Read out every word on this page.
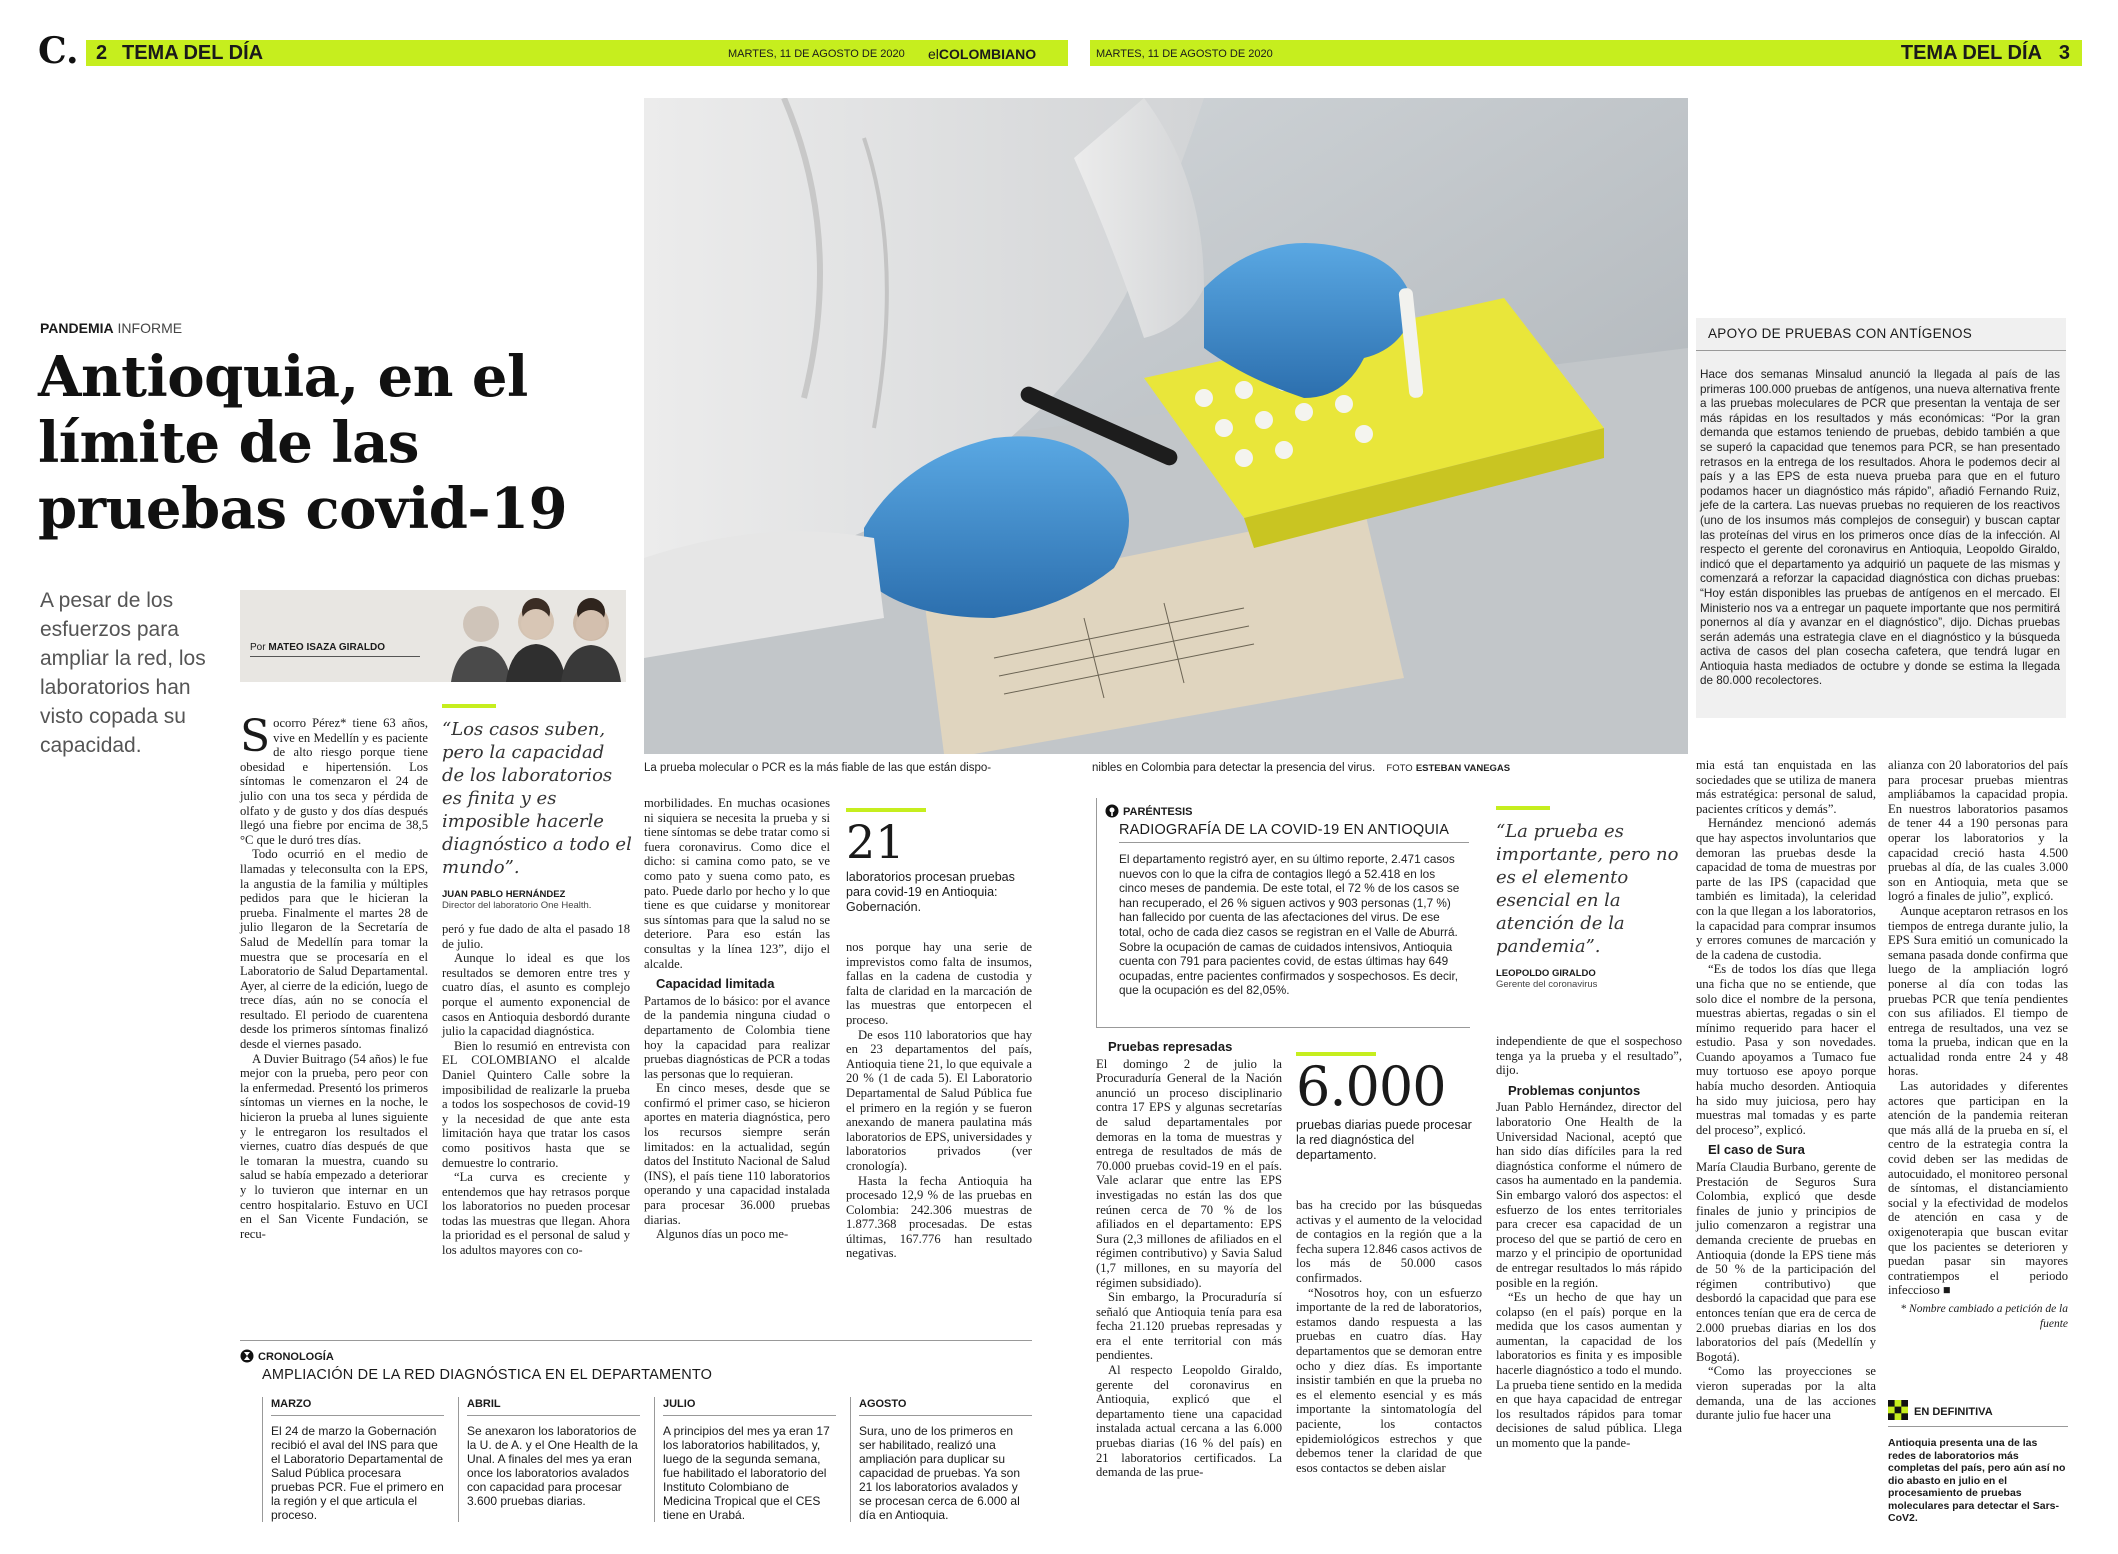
C. 2 TEMA DEL DÍA	MARTES, 11 DE AGOSTO DE 2020 elCOLOMBIANO	MARTES, 11 DE AGOSTO DE 2020	TEMA DEL DÍA 3
PANDEMIA INFORME
Antioquia, en el límite de las pruebas covid-19

A pesar de los esfuerzos para ampliar la red, los laboratorios han visto copada su capacidad.

Por MATEO ISAZA GIRALDO

La prueba molecular o PCR es la más fiable de las que están dispo-	nibles en Colombia para detectar la presencia del virus. FOTO ESTEBAN VANEGAS

Socorro Pérez* tiene 63 años, vive en Medellín y es paciente de alto riesgo porque tiene obesidad e hipertensión. Los síntomas le comenzaron el 24 de julio con una tos seca y pérdida de olfato y de gusto y dos días después llegó una fiebre por encima de 38,5 °C que le duró tres días.

Todo ocurrió en el medio de llamadas y teleconsulta con la EPS, la angustia de la familia y múltiples pedidos para que le hicieran la prueba. Finalmente el martes 28 de julio llegaron de la Secretaría de Salud de Medellín para tomar la muestra que se procesaría en el Laboratorio de Salud Departamental. Ayer, al cierre de la edición, luego de trece días, aún no se conocía el resultado. El periodo de cuarentena desde los primeros síntomas finalizó desde el viernes pasado.

A Duvier Buitrago (54 años) le fue mejor con la prueba, pero peor con la enfermedad. Presentó los primeros síntomas un viernes en la noche, le hicieron la prueba al lunes siguiente y le entregaron los resultados el viernes, cuatro días después de que le tomaran la muestra, cuando su salud se había empezado a deteriorar y lo tuvieron que internar en un centro hospitalario. Estuvo en UCI en el San Vicente Fundación, se recu-

“Los casos suben, pero la capacidad de los laboratorios es finita y es imposible hacerle diagnóstico a todo el mundo”.

JUAN PABLO HERNÁNDEZ

Director del laboratorio One Health.

peró y fue dado de alta el pasado 18 de julio.

Aunque lo ideal es que los resultados se demoren entre tres y cuatro días, el asunto es complejo porque el aumento exponencial de casos en Antioquia desbordó durante julio la capacidad diagnóstica.

Bien lo resumió en entrevista con EL COLOMBIANO el alcalde Daniel Quintero Calle sobre la imposibilidad de realizarle la prueba a todos los sospechosos de covid-19 y la necesidad de que ante esta limitación haya que tratar los casos como positivos hasta que se demuestre lo contrario.

“La curva es creciente y entendemos que hay retrasos porque los laboratorios no pueden procesar todas las muestras que llegan. Ahora la prioridad es el personal de salud y los adultos mayores con co-

morbilidades. En muchas ocasiones ni siquiera se necesita la prueba y si tiene síntomas se debe tratar como si fuera coronavirus. Como dice el dicho: si camina como pato, se ve como pato y suena como pato, es pato. Puede darlo por hecho y lo que tiene es que cuidarse y monitorear sus síntomas para que la salud no se deteriore. Para eso están las consultas y la línea 123”, dijo el alcalde.

Capacidad limitada

Partamos de lo básico: por el avance de la pandemia ninguna ciudad o departamento de Colombia tiene hoy la capacidad para realizar pruebas diagnósticas de PCR a todas las personas que lo requieran.

En cinco meses, desde que se confirmó el primer caso, se hicieron aportes en materia diagnóstica, pero los recursos siempre serán limitados: en la actualidad, según datos del Instituto Nacional de Salud (INS), el país tiene 110 laboratorios operando y una capacidad instalada para procesar 36.000 pruebas diarias.

Algunos días un poco me-

21

laboratorios procesan pruebas para covid-19 en Antioquia: Gobernación.

nos porque hay una serie de imprevistos como falta de insumos, fallas en la cadena de custodia y falta de claridad en la marcación de las muestras que entorpecen el proceso.

De esos 110 laboratorios que hay en 23 departamentos del país, Antioquia tiene 21, lo que equivale a 20 % (1 de cada 5). El Laboratorio Departamental de Salud Pública fue el primero en la región y se fueron anexando de manera paulatina más laboratorios de EPS, universidades y laboratorios privados (ver cronología).

Hasta la fecha Antioquia ha procesado 12,9 % de las pruebas en Colombia: 242.306 muestras de 1.877.368 procesadas. De estas últimas, 167.776 han resultado negativas.

CRONOLOGÍA
AMPLIACIÓN DE LA RED DIAGNÓSTICA EN EL DEPARTAMENTO

MARZO

El 24 de marzo la Gobernación recibió el aval del INS para que el Laboratorio Departamental de Salud Pública procesara pruebas PCR. Fue el primero en la región y el que articula el proceso.

ABRIL

Se anexaron los laboratorios de la U. de A. y el One Health de la Unal. A finales del mes ya eran once los laboratorios avalados con capacidad para procesar 3.600 pruebas diarias.

JULIO

A principios del mes ya eran 17 los laboratorios habilitados, y, luego de la segunda semana, fue habilitado el laboratorio del Instituto Colombiano de Medicina Tropical que el CES tiene en Urabá.

AGOSTO

Sura, uno de los primeros en ser habilitado, realizó una ampliación para duplicar su capacidad de pruebas. Ya son 21 los laboratorios avalados y se procesan cerca de 6.000 al día en Antioquia.

APOYO DE PRUEBAS CON ANTÍGENOS

Hace dos semanas Minsalud anunció la llegada al país de las primeras 100.000 pruebas de antígenos, una nueva alternativa frente a las pruebas moleculares de PCR que presentan la ventaja de ser más rápidas en los resultados y más económicas: “Por la gran demanda que estamos teniendo de pruebas, debido también a que se superó la capacidad que tenemos para PCR, se han presentado retrasos en la entrega de los resultados. Ahora le podemos decir al país y a las EPS de esta nueva prueba para que en el futuro podamos hacer un diagnóstico más rápido”, añadió Fernando Ruiz, jefe de la cartera. Las nuevas pruebas no requieren de los reactivos (uno de los insumos más complejos de conseguir) y buscan captar las proteínas del virus en los primeros once días de la infección. Al respecto el gerente del coronavirus en Antioquia, Leopoldo Giraldo, indicó que el departamento ya adquirió un paquete de las mismas y comenzará a reforzar la capacidad diagnóstica con dichas pruebas: “Hoy están disponibles las pruebas de antígenos en el mercado. El Ministerio nos va a entregar un paquete importante que nos permitirá ponernos al día y avanzar en el diagnóstico”, dijo. Dichas pruebas serán además una estrategia clave en el diagnóstico y la búsqueda activa de casos del plan cosecha cafetera, que tendrá lugar en Antioquia hasta mediados de octubre y donde se estima la llegada de 80.000 recolectores.

PARÉNTESIS
RADIOGRAFÍA DE LA COVID-19 EN ANTIOQUIA

El departamento registró ayer, en su último reporte, 2.471 casos nuevos con lo que la cifra de contagios llegó a 52.418 en los cinco meses de pandemia. De este total, el 72 % de los casos se han recuperado, el 26 % siguen activos y 903 personas (1,7 %) han fallecido por cuenta de las afectaciones del virus. De ese total, ocho de cada diez casos se registran en el Valle de Aburrá. Sobre la ocupación de camas de cuidados intensivos, Antioquia cuenta con 791 para pacientes covid, de estas últimas hay 649 ocupadas, entre pacientes confirmados y sospechosos. Es decir, que la ocupación es del 82,05%.

“La prueba es importante, pero no es el elemento esencial en la atención de la pandemia”.

LEOPOLDO GIRALDO

Gerente del coronavirus

Pruebas represadas

El domingo 2 de julio la Procuraduría General de la Nación anunció un proceso disciplinario contra 17 EPS y algunas secretarías de salud departamentales por demoras en la toma de muestras y entrega de resultados de más de 70.000 pruebas covid-19 en el país. Vale aclarar que entre las EPS investigadas no están las dos que reúnen cerca de 70 % de los afiliados en el departamento: EPS Sura (2,3 millones de afiliados en el régimen contributivo) y Savia Salud (1,7 millones, en su mayoría del régimen subsidiado).

Sin embargo, la Procuraduría sí señaló que Antioquia tenía para esa fecha 21.120 pruebas represadas y era el ente territorial con más pendientes.

Al respecto Leopoldo Giraldo, gerente del coronavirus en Antioquia, explicó que el departamento tiene una capacidad instalada actual cercana a las 6.000 pruebas diarias (16 % del país) en 21 laboratorios certificados. La demanda de las prue-

6.000

pruebas diarias puede procesar la red diagnóstica del departamento.

bas ha crecido por las búsquedas activas y el aumento de la velocidad de contagios en la región que a la fecha supera 12.846 casos activos de los más de 50.000 casos confirmados.

“Nosotros hoy, con un esfuerzo importante de la red de laboratorios, estamos dando respuesta a las pruebas en cuatro días. Hay departamentos que se demoran entre ocho y diez días. Es importante insistir también en que la prueba no es el elemento esencial y es más importante la sintomatología del paciente, los contactos epidemiológicos estrechos y que debemos tener la claridad de que esos contactos se deben aislar

independiente de que el sospechoso tenga ya la prueba y el resultado”, dijo.

Problemas conjuntos

Juan Pablo Hernández, director del laboratorio One Health de la Universidad Nacional, aceptó que han sido días difíciles para la red diagnóstica conforme el número de casos ha aumentado en la pandemia. Sin embargo valoró dos aspectos: el esfuerzo de los entes territoriales para crecer esa capacidad de un proceso del que se partió de cero en marzo y el principio de oportunidad de entregar resultados lo más rápido posible en la región.

“Es un hecho de que hay un colapso (en el país) porque en la medida que los casos aumentan y aumentan, la capacidad de los laboratorios es finita y es imposible hacerle diagnóstico a todo el mundo. La prueba tiene sentido en la medida en que haya capacidad de entregar los resultados rápidos para tomar decisiones de salud pública. Llega un momento que la pande-

mia está tan enquistada en las sociedades que se utiliza de manera más estratégica: personal de salud, pacientes críticos y demás”.

Hernández mencionó además que hay aspectos involuntarios que demoran las pruebas desde la capacidad de toma de muestras por parte de las IPS (capacidad que también es limitada), la celeridad con la que llegan a los laboratorios, la capacidad para comprar insumos y errores comunes de marcación y de la cadena de custodia.

“Es de todos los días que llega una ficha que no se entiende, que solo dice el nombre de la persona, muestras abiertas, regadas o sin el mínimo requerido para hacer el estudio. Pasa y son novedades. Cuando apoyamos a Tumaco fue muy tortuoso ese apoyo porque había mucho desorden. Antioquia ha sido muy juiciosa, pero hay muestras mal tomadas y es parte del proceso”, explicó.

El caso de Sura

María Claudia Burbano, gerente de Prestación de Seguros Sura Colombia, explicó que desde finales de junio y principios de julio comenzaron a registrar una demanda creciente de pruebas en Antioquia (donde la EPS tiene más de 50 % de la participación del régimen contributivo) que desbordó la capacidad que para ese entonces tenían que era de cerca de 2.000 pruebas diarias en los dos laboratorios del país (Medellín y Bogotá).

“Como las proyecciones se vieron superadas por la alta demanda, una de las acciones durante julio fue hacer una

alianza con 20 laboratorios del país para procesar pruebas mientras ampliábamos la capacidad propia. En nuestros laboratorios pasamos de tener 44 a 190 personas para operar los laboratorios y la capacidad creció hasta 4.500 pruebas al día, de las cuales 3.000 son en Antioquia, meta que se logró a finales de julio”, explicó.

Aunque aceptaron retrasos en los tiempos de entrega durante julio, la EPS Sura emitió un comunicado la semana pasada donde confirma que luego de la ampliación logró ponerse al día con todas las pruebas PCR que tenía pendientes con sus afiliados. El tiempo de entrega de resultados, una vez se toma la prueba, indican que en la actualidad ronda entre 24 y 48 horas.

Las autoridades y diferentes actores que participan en la atención de la pandemia reiteran que más allá de la prueba en sí, el centro de la estrategia contra la covid deben ser las medidas de autocuidado, el monitoreo personal de síntomas, el distanciamiento social y la efectividad de modelos de atención en casa y de oxigenoterapia que buscan evitar que los pacientes se deterioren y puedan pasar sin mayores contratiempos el periodo infeccioso ■

* Nombre cambiado a petición de la fuente

EN DEFINITIVA

Antioquia presenta una de las redes de laboratorios más completas del país, pero aún así no dio abasto en julio en el procesamiento de pruebas moleculares para detectar el Sars-CoV2.
